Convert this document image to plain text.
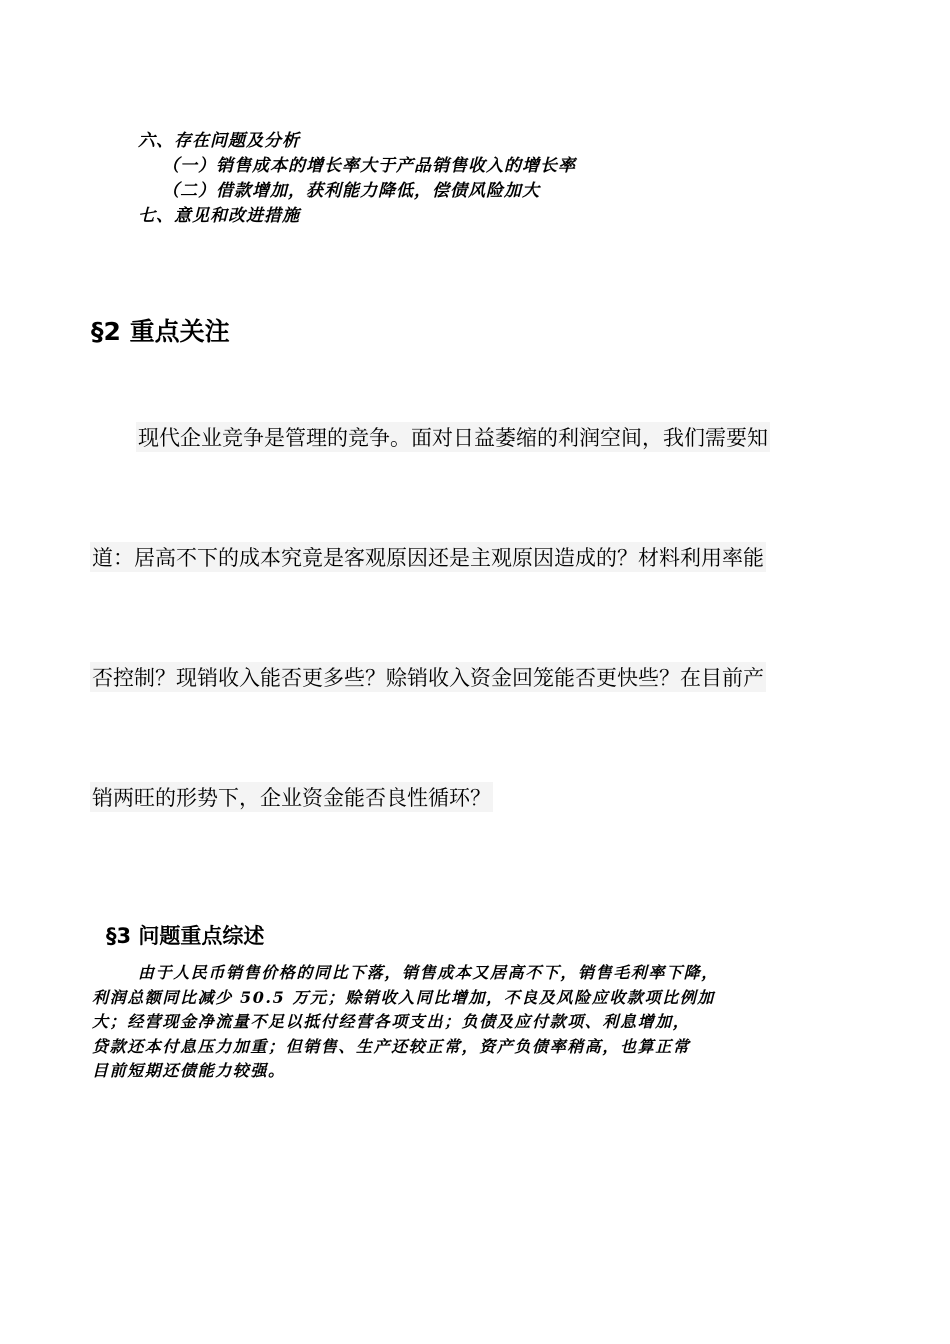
六、存在问题及分析
（一）销售成本的增长率大于产品销售收入的增长率
（二）借款增加，获利能力降低，偿债风险加大
七、意见和改进措施
§2 重点关注
现代企业竞争是管理的竞争。面对日益萎缩的利润空间，我们需要知
道：居高不下的成本究竟是客观原因还是主观原因造成的？材料利用率能
否控制？现销收入能否更多些？赊销收入资金回笼能否更快些？在目前产
销两旺的形势下，企业资金能否良性循环？
§3 问题重点综述
由于人民币销售价格的同比下落，销售成本又居高不下，销售毛利率下降，
利润总额同比减少 50.5 万元；赊销收入同比增加，不良及风险应收款项比例加
大；经营现金净流量不足以抵付经营各项支出；负债及应付款项、利息增加，
贷款还本付息压力加重；但销售、生产还较正常，资产负债率稍高，也算正常
目前短期还债能力较强。
